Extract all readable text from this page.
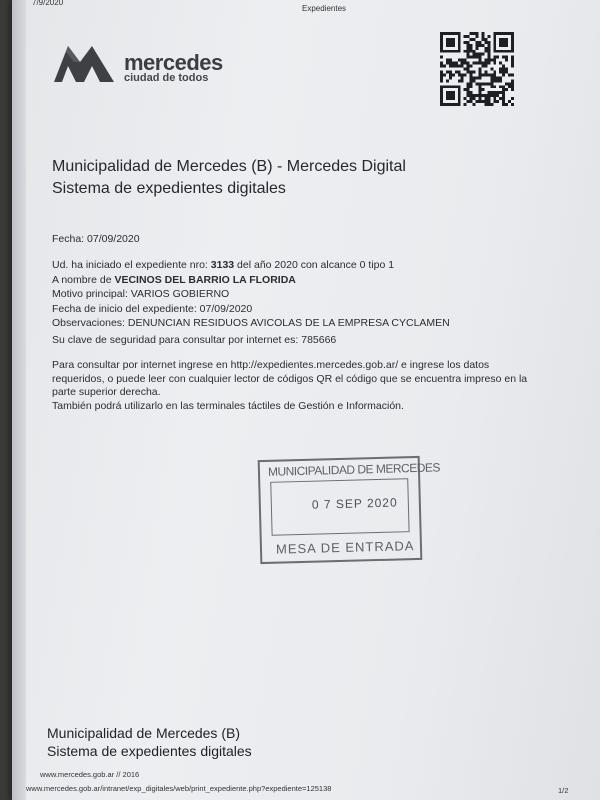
7/9/2020
Expedientes
mercedes
ciudad de todos
Municipalidad de Mercedes (B) - Mercedes Digital
Sistema de expedientes digitales
Fecha: 07/09/2020
Ud. ha iniciado el expediente nro: 3133 del año 2020 con alcance 0 tipo 1
A nombre de VECINOS DEL BARRIO LA FLORIDA
Motivo principal: VARIOS GOBIERNO
Fecha de inicio del expediente: 07/09/2020
Observaciones: DENUNCIAN RESIDUOS AVICOLAS DE LA EMPRESA CYCLAMEN
Su clave de seguridad para consultar por internet es: 785666
Para consultar por internet ingrese en http://expedientes.mercedes.gob.ar/ e ingrese los datos
requeridos, o puede leer con cualquier lector de códigos QR el código que se encuentra impreso en la
parte superior derecha.
También podrá utilizarlo en las terminales táctiles de Gestión e Información.
MUNICIPALIDAD DE MERCEDES
0 7 SEP 2020
MESA DE ENTRADA
Municipalidad de Mercedes (B)
Sistema de expedientes digitales
www.mercedes.gob.ar // 2016
www.mercedes.gob.ar/intranet/exp_digitales/web/print_expediente.php?expediente=125138	1/2
